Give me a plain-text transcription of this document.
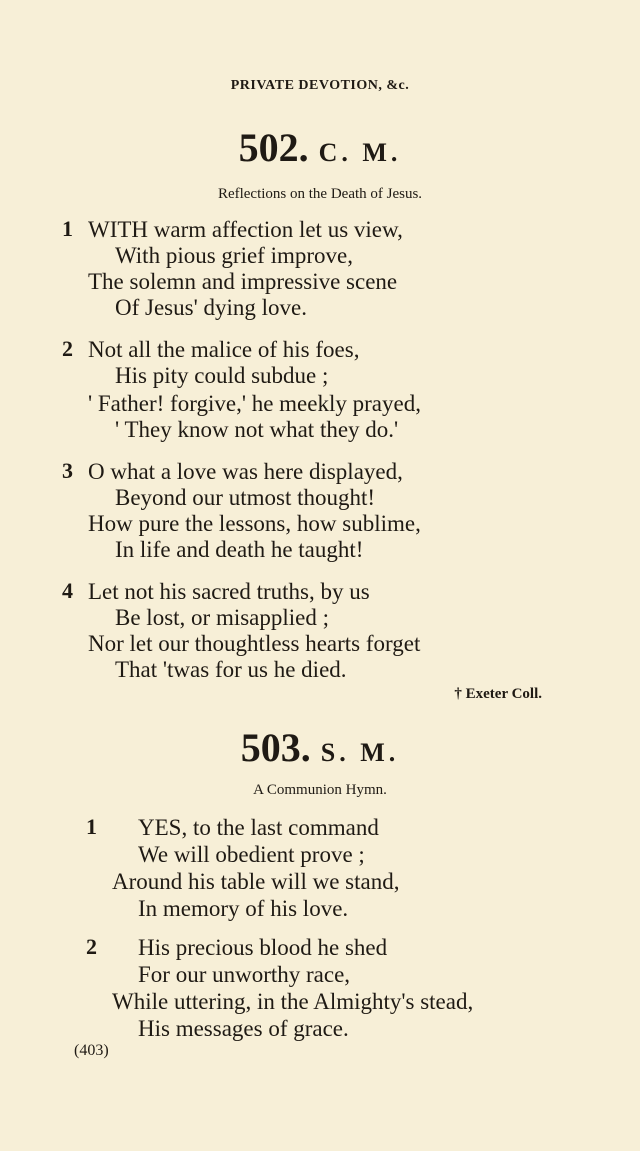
PRIVATE DEVOTION, &c.
502. C. M.
Reflections on the Death of Jesus.
1 WITH warm affection let us view,
With pious grief improve,
The solemn and impressive scene
Of Jesus' dying love.
2 Not all the malice of his foes,
His pity could subdue ;
' Father! forgive,' he meekly prayed,
' They know not what they do.'
3 O what a love was here displayed,
Beyond our utmost thought!
How pure the lessons, how sublime,
In life and death he taught!
4 Let not his sacred truths, by us
Be lost, or misapplied ;
Nor let our thoughtless hearts forget
That 'twas for us he died.
† Exeter Coll.
503. S. M.
A Communion Hymn.
1 YES, to the last command
We will obedient prove ;
Around his table will we stand,
In memory of his love.
2 His precious blood he shed
For our unworthy race,
While uttering, in the Almighty's stead,
His messages of grace.
(403)
